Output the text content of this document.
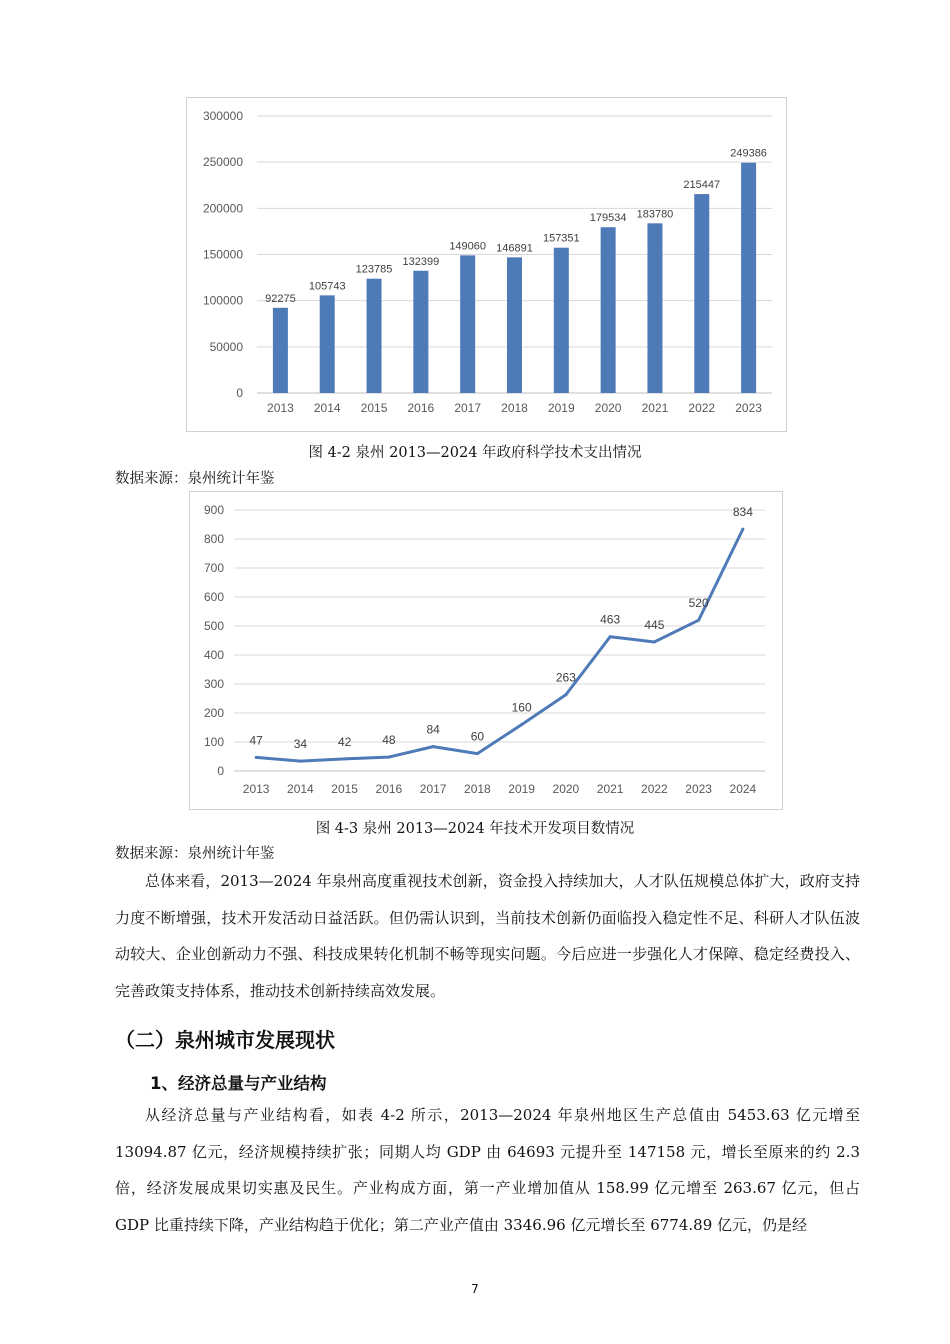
0
50000
100000
150000
200000
250000
300000
92275
2013
105743
2014
123785
2015
132399
2016
149060
2017
146891
2018
157351
2019
179534
2020
183780
2021
215447
2022
249386
2023
图 4-2 泉州 2013—2024 年政府科学技术支出情况
数据来源：泉州统计年鉴
0
100
200
300
400
500
600
700
800
900
47
2013
34
2014
42
2015
48
2016
84
2017
60
2018
160
2019
263
2020
463
2021
445
2022
520
2023
834
2024
图 4-3 泉州 2013—2024 年技术开发项目数情况
数据来源：泉州统计年鉴

总体来看，2013—2024 年泉州高度重视技术创新，资金投入持续加大，人才队伍规模总体扩大，政府支持力度不断增强，技术开发活动日益活跃。但仍需认识到，当前技术创新仍面临投入稳定性不足、科研人才队伍波动较大、企业创新动力不强、科技成果转化机制不畅等现实问题。今后应进一步强化人才保障、稳定经费投入、完善政策支持体系，推动技术创新持续高效发展。

（二）泉州城市发展现状
1、经济总量与产业结构

从经济总量与产业结构看，如表 4-2 所示，2013—2024 年泉州地区生产总值由 5453.63 亿元增至 13094.87 亿元，经济规模持续扩张；同期人均 GDP 由 64693 元提升至 147158 元，增长至原来的约 2.3 倍，经济发展成果切实惠及民生。产业构成方面，第一产业增加值从 158.99 亿元增至 263.67 亿元，但占 GDP 比重持续下降，产业结构趋于优化；第二产业产值由 3346.96 亿元增长至 6774.89 亿元，仍是经

7
